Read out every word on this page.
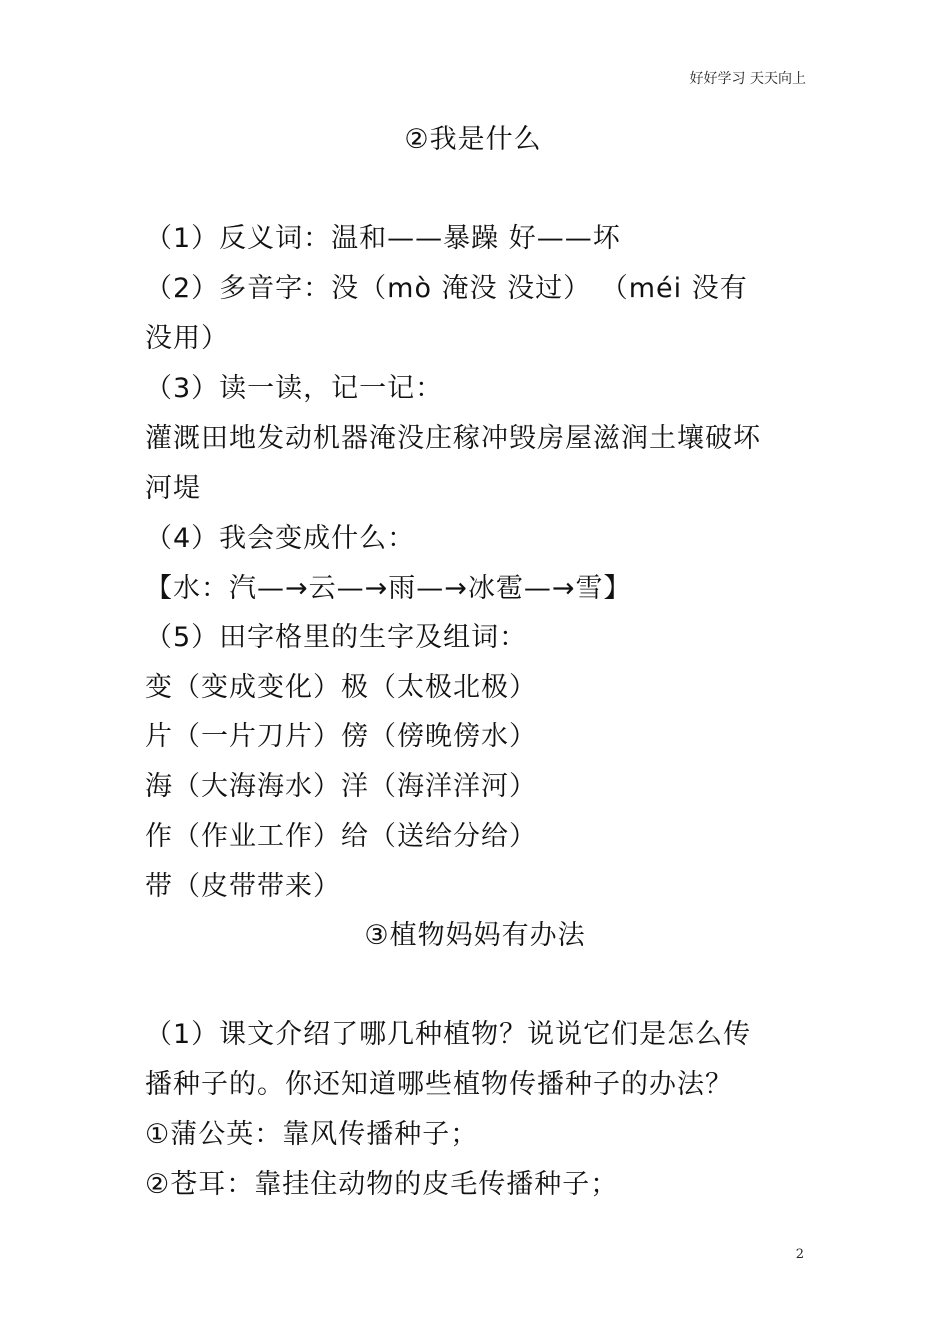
好好学习 天天向上
②我是什么
（1）反义词：温和——暴躁 好——坏
（2）多音字：没（mò 淹没 没过） （méi 没有
没用）
（3）读一读，记一记：
灌溉田地发动机器淹没庄稼冲毁房屋滋润土壤破坏
河堤
（4）我会变成什么：
【水：汽—→云—→雨—→冰雹—→雪】
（5）田字格里的生字及组词：
变（变成变化）极（太极北极）
片（一片刀片）傍（傍晚傍水）
海（大海海水）洋（海洋洋河）
作（作业工作）给（送给分给）
带（皮带带来）
③植物妈妈有办法
（1）课文介绍了哪几种植物？说说它们是怎么传
播种子的。你还知道哪些植物传播种子的办法？
①蒲公英：靠风传播种子；
②苍耳：靠挂住动物的皮毛传播种子；
2
